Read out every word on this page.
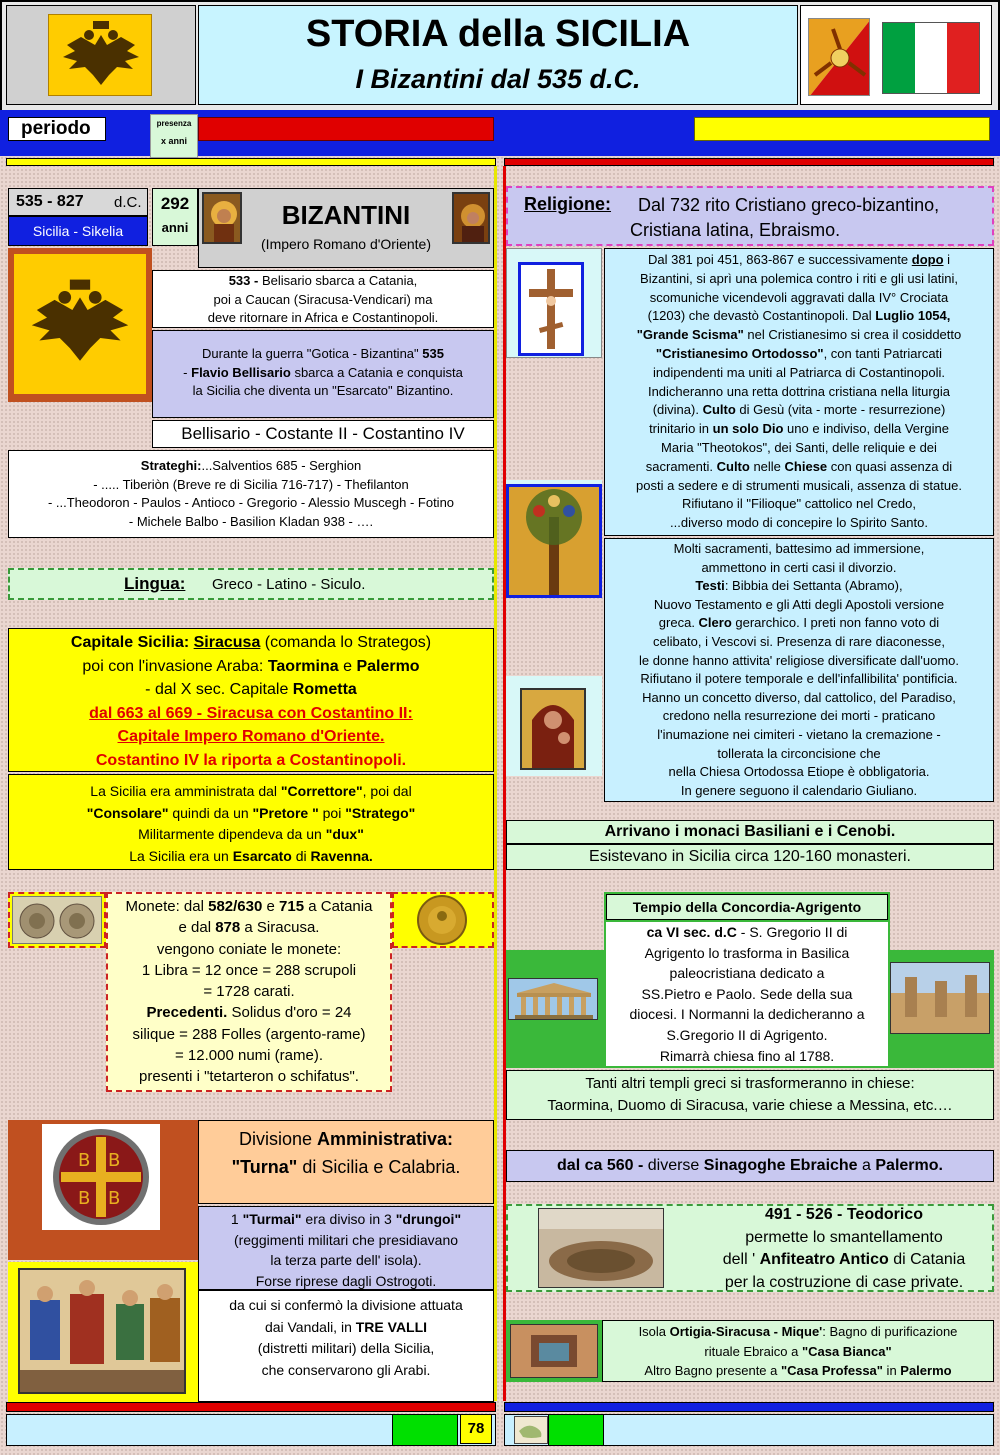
STORIA della SICILIA
I Bizantini dal 535 d.C.
periodo	presenza
x anni
535 - 827 d.C.
Sicilia - Sikelia
292
anni	BIZANTINI
(Impero Romano d'Oriente)
533 - Belisario sbarca a Catania,
poi a Caucan (Siracusa-Vendicari) ma
deve ritornare in Africa e Costantinopoli.
Durante la guerra "Gotica - Bizantina" 535
- Flavio Bellisario sbarca a Catania e conquista
la Sicilia che diventa un "Esarcato" Bizantino.
Bellisario - Costante II - Costantino IV
Strateghi:...Salventios 685 - Serghion
- ..... Tiberiòn (Breve re di Sicilia 716-717) - Thefilanton
- ...Theodoron - Paulos - Antioco - Gregorio - Alessio Muscegh - Fotino
- Michele Balbo - Basilion Kladan 938 - ….
Lingua: Greco - Latino - Siculo.
Capitale Sicilia: Siracusa (comanda lo Strategos)
poi con l'invasione Araba: Taormina e Palermo
- dal X sec. Capitale Rometta
dal 663 al 669 - Siracusa con Costantino II:
Capitale Impero Romano d'Oriente.
Costantino IV la riporta a Costantinopoli.
La Sicilia era amministrata dal "Correttore", poi dal
"Consolare" quindi da un "Pretore " poi "Stratego"
Militarmente dipendeva da un "dux"
La Sicilia era un Esarcato di Ravenna.
Monete: dal 582/630 e 715 a Catania
e dal 878 a Siracusa.
vengono coniate le monete:
1 Libra = 12 once = 288 scrupoli
= 1728 carati.
Precedenti. Solidus d'oro = 24
silique = 288 Folles (argento-rame)
= 12.000 numi (rame).
presenti i "tetarteron o schifatus".
B B
B B
Divisione Amministrativa:
"Turna" di Sicilia e Calabria.
1 "Turmai" era diviso in 3 "drungoi"
(reggimenti militari che presidiavano
la terza parte dell' isola).
Forse riprese dagli Ostrogoti.
da cui si confermò la divisione attuata
dai Vandali, in TRE VALLI
(distretti militari) della Sicilia,
che conservarono gli Arabi.
Religione: Dal 732 rito Cristiano greco-bizantino,
Cristiana latina, Ebraismo.
Dal 381 poi 451, 863-867 e successivamente dopo i
Bizantini, si aprì una polemica contro i riti e gli usi latini,
scomuniche vicendevoli aggravati dalla IV° Crociata
(1203) che devastò Costantinopoli. Dal Luglio 1054,
"Grande Scisma" nel Cristianesimo si crea il cosiddetto
"Cristianesimo Ortodosso", con tanti Patriarcati
indipendenti ma uniti al Patriarca di Costantinopoli.
Indicheranno una retta dottrina cristiana nella liturgia
(divina). Culto di Gesù (vita - morte - resurrezione)
trinitario in un solo Dio uno e indiviso, della Vergine
Maria "Theotokos", dei Santi, delle reliquie e dei
sacramenti. Culto nelle Chiese con quasi assenza di
posti a sedere e di strumenti musicali, assenza di statue.
Rifiutano il "Filioque" cattolico nel Credo,
...diverso modo di concepire lo Spirito Santo.
Molti sacramenti, battesimo ad immersione,
ammettono in certi casi il divorzio.
Testi: Bibbia dei Settanta (Abramo),
Nuovo Testamento e gli Atti degli Apostoli versione
greca. Clero gerarchico. I preti non fanno voto di
celibato, i Vescovi si. Presenza di rare diaconesse,
le donne hanno attivita' religiose diversificate dall'uomo.
Rifiutano il potere temporale e dell'infallibilita' pontificia.
Hanno un concetto diverso, dal cattolico, del Paradiso,
credono nella resurrezione dei morti - praticano
l'inumazione nei cimiteri - vietano la cremazione -
tollerata la circoncisione che
nella Chiesa Ortodossa Etiope è obbligatoria.
In genere seguono il calendario Giuliano.
Arrivano i monaci Basiliani e i Cenobi.
Esistevano in Sicilia circa 120-160 monasteri.
Tempio della Concordia-Agrigento
ca VI sec. d.C - S. Gregorio II di
Agrigento lo trasforma in Basilica
paleocristiana dedicato a
SS.Pietro e Paolo. Sede della sua
diocesi. I Normanni la dedicheranno a
S.Gregorio II di Agrigento.
Rimarrà chiesa fino al 1788.
Tanti altri templi greci si trasformeranno in chiese:
Taormina, Duomo di Siracusa, varie chiese a Messina, etc.…
dal ca 560 - diverse Sinagoghe Ebraiche a Palermo.
491 - 526 - Teodorico
permette lo smantellamento
dell ' Anfiteatro Antico di Catania
per la costruzione di case private.
Isola Ortigia-Siracusa - Mique': Bagno di purificazione
rituale Ebraico a "Casa Bianca"
Altro Bagno presente a "Casa Professa" in Palermo
78
